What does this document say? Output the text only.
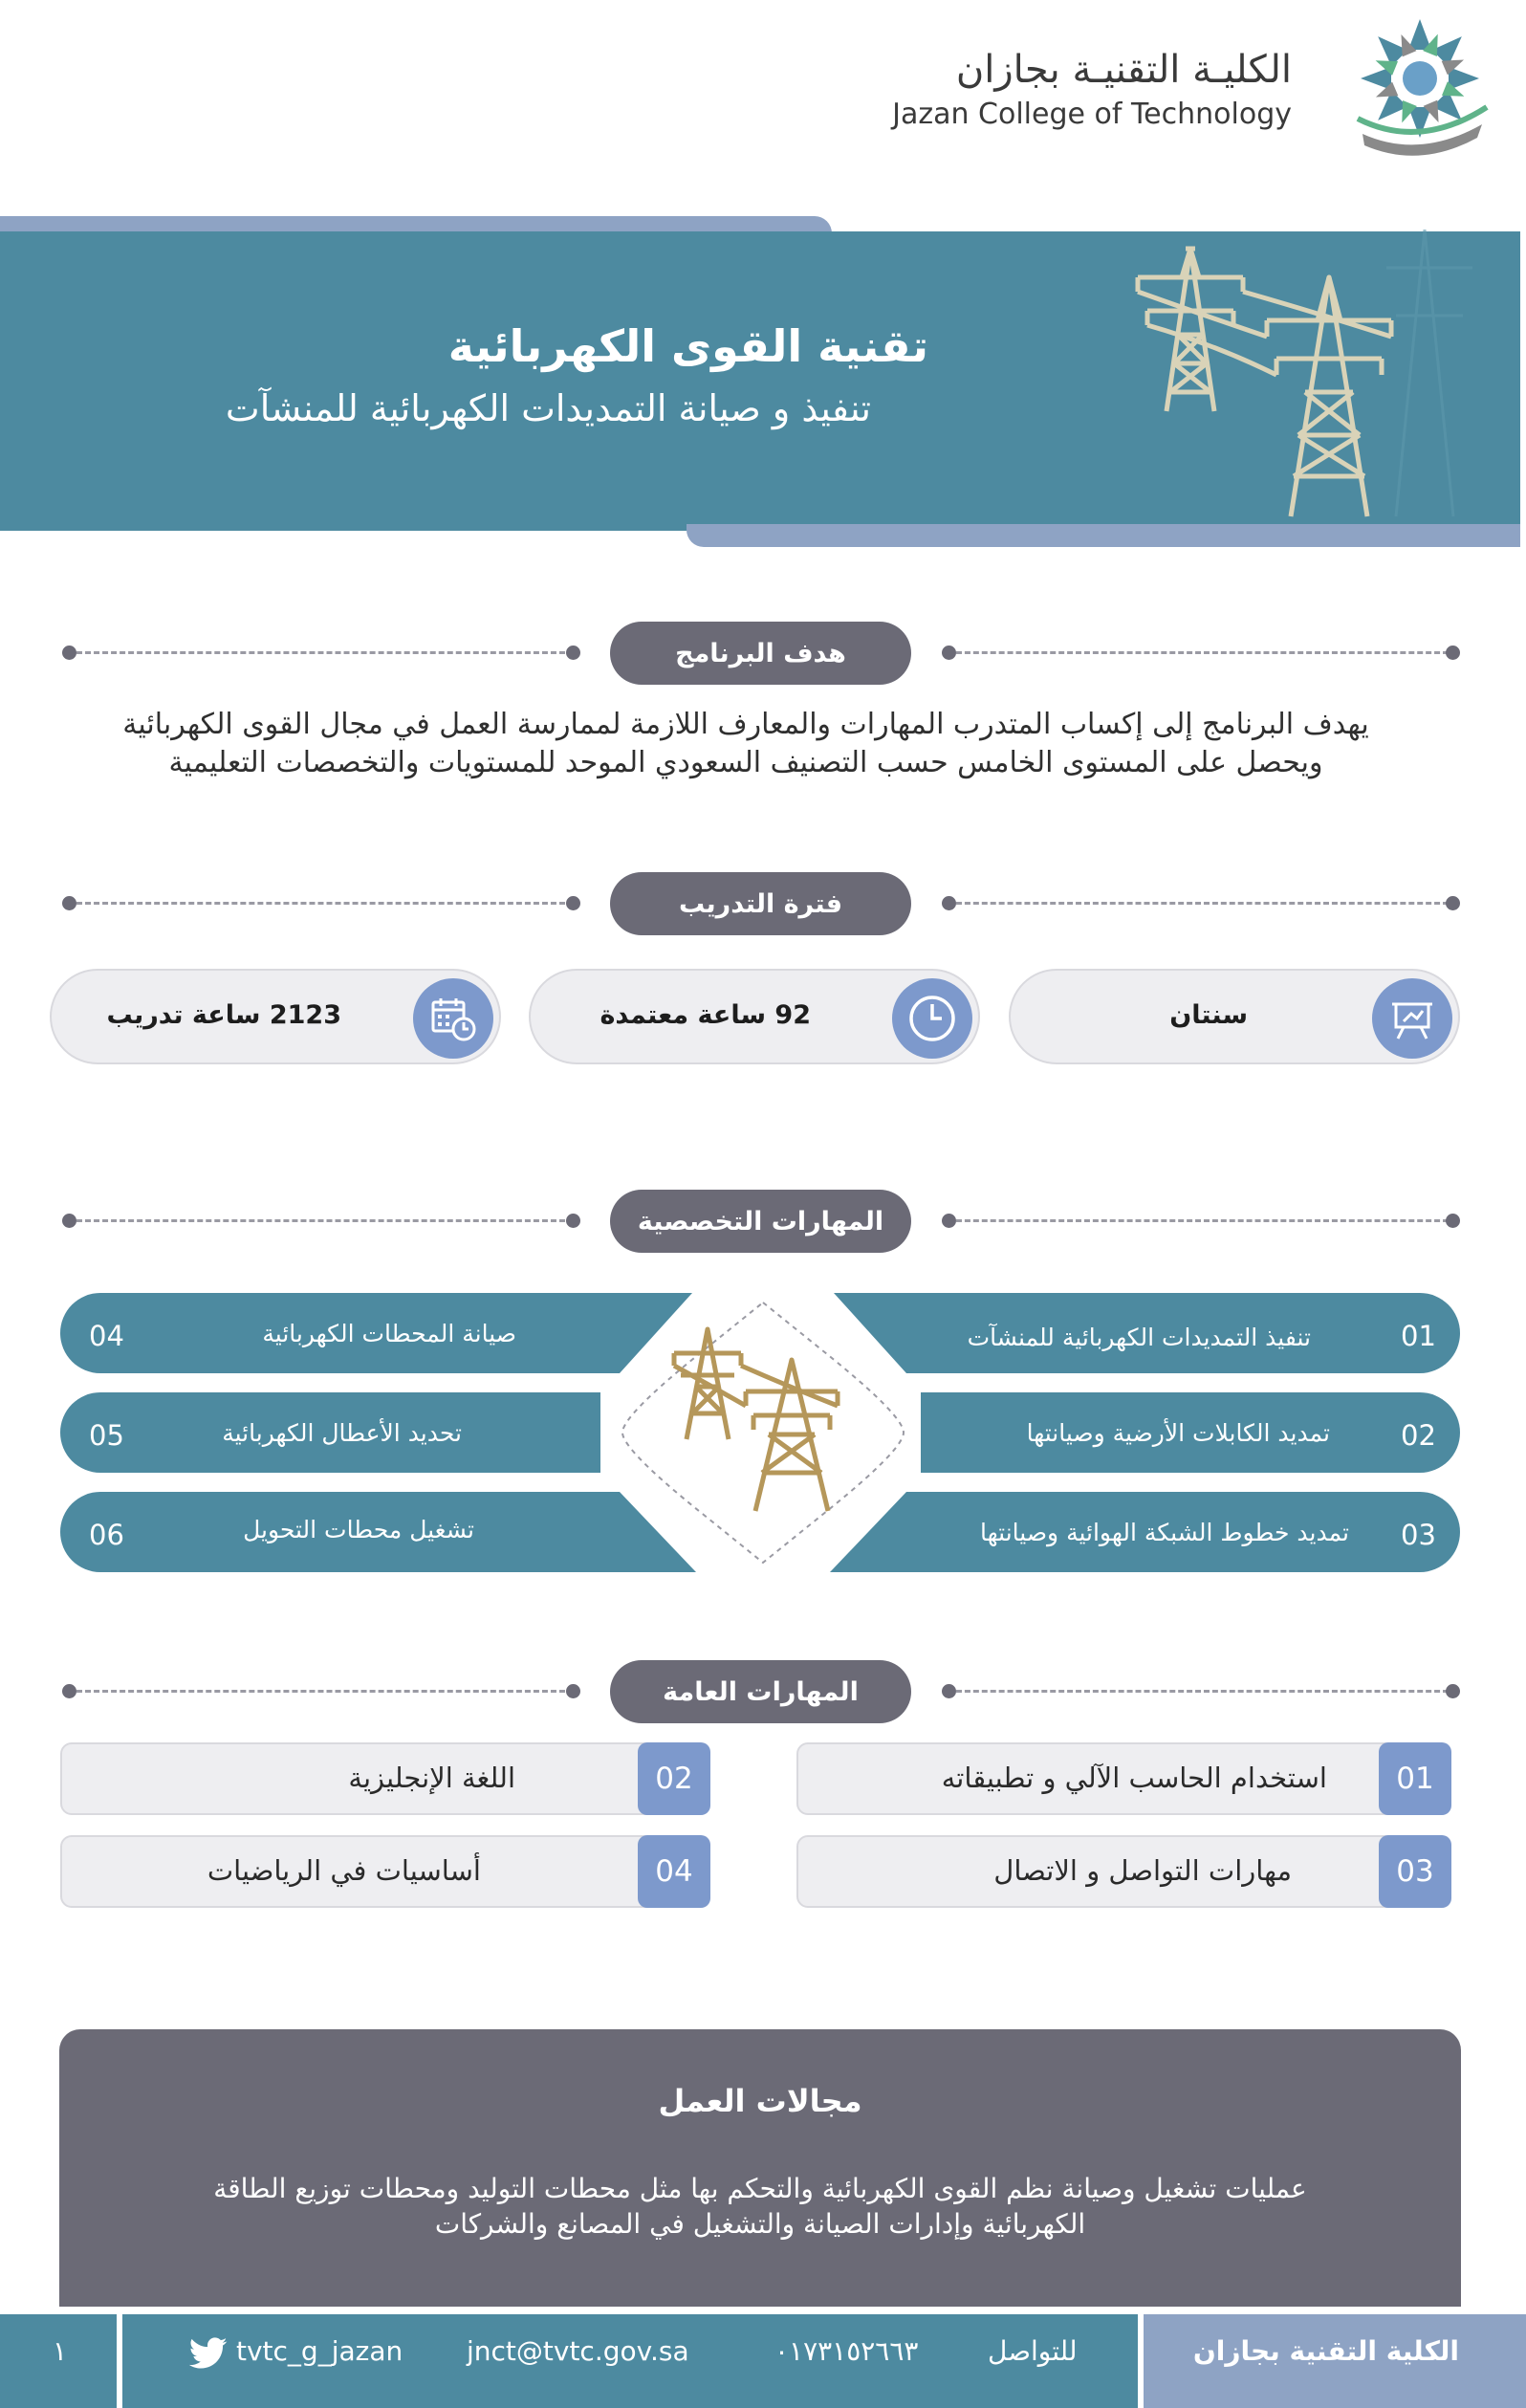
الكليـة التقنيـة بجازان
Jazan College of Technology
تقنية القوى الكهربائية
تنفيذ و صيانة التمديدات الكهربائية للمنشآت
هدف البرنامج
يهدف البرنامج إلى إكساب المتدرب المهارات والمعارف اللازمة لممارسة العمل في مجال القوى الكهربائية
ويحصل على المستوى الخامس حسب التصنيف السعودي الموحد للمستويات والتخصصات التعليمية
فترة التدريب
سنتان
92 ساعة معتمدة
2123 ساعة تدريب
المهارات التخصصية
01
تنفيذ التمديدات الكهربائية للمنشآت
02
تمديد الكابلات الأرضية وصيانتها
03
تمديد خطوط الشبكة الهوائية وصيانتها
04	صيانة المحطات الكهربائية
05	تحديد الأعطال الكهربائية
06	تشغيل محطات التحويل
المهارات العامة
01
استخدام الحاسب الآلي و تطبيقاته
02
اللغة الإنجليزية
03
مهارات التواصل و الاتصال
04
أساسيات في الرياضيات
مجالات العمل
عمليات تشغيل وصيانة نظم القوى الكهربائية والتحكم بها مثل محطات التوليد ومحطات توزيع الطاقة
الكهربائية وإدارات الصيانة والتشغيل في المصانع والشركات
١	tvtc_g_jazan jnct@tvtc.gov.sa	٠١٧٣١٥٢٦٦٣	للتواصل	الكلية التقنية بجازان
